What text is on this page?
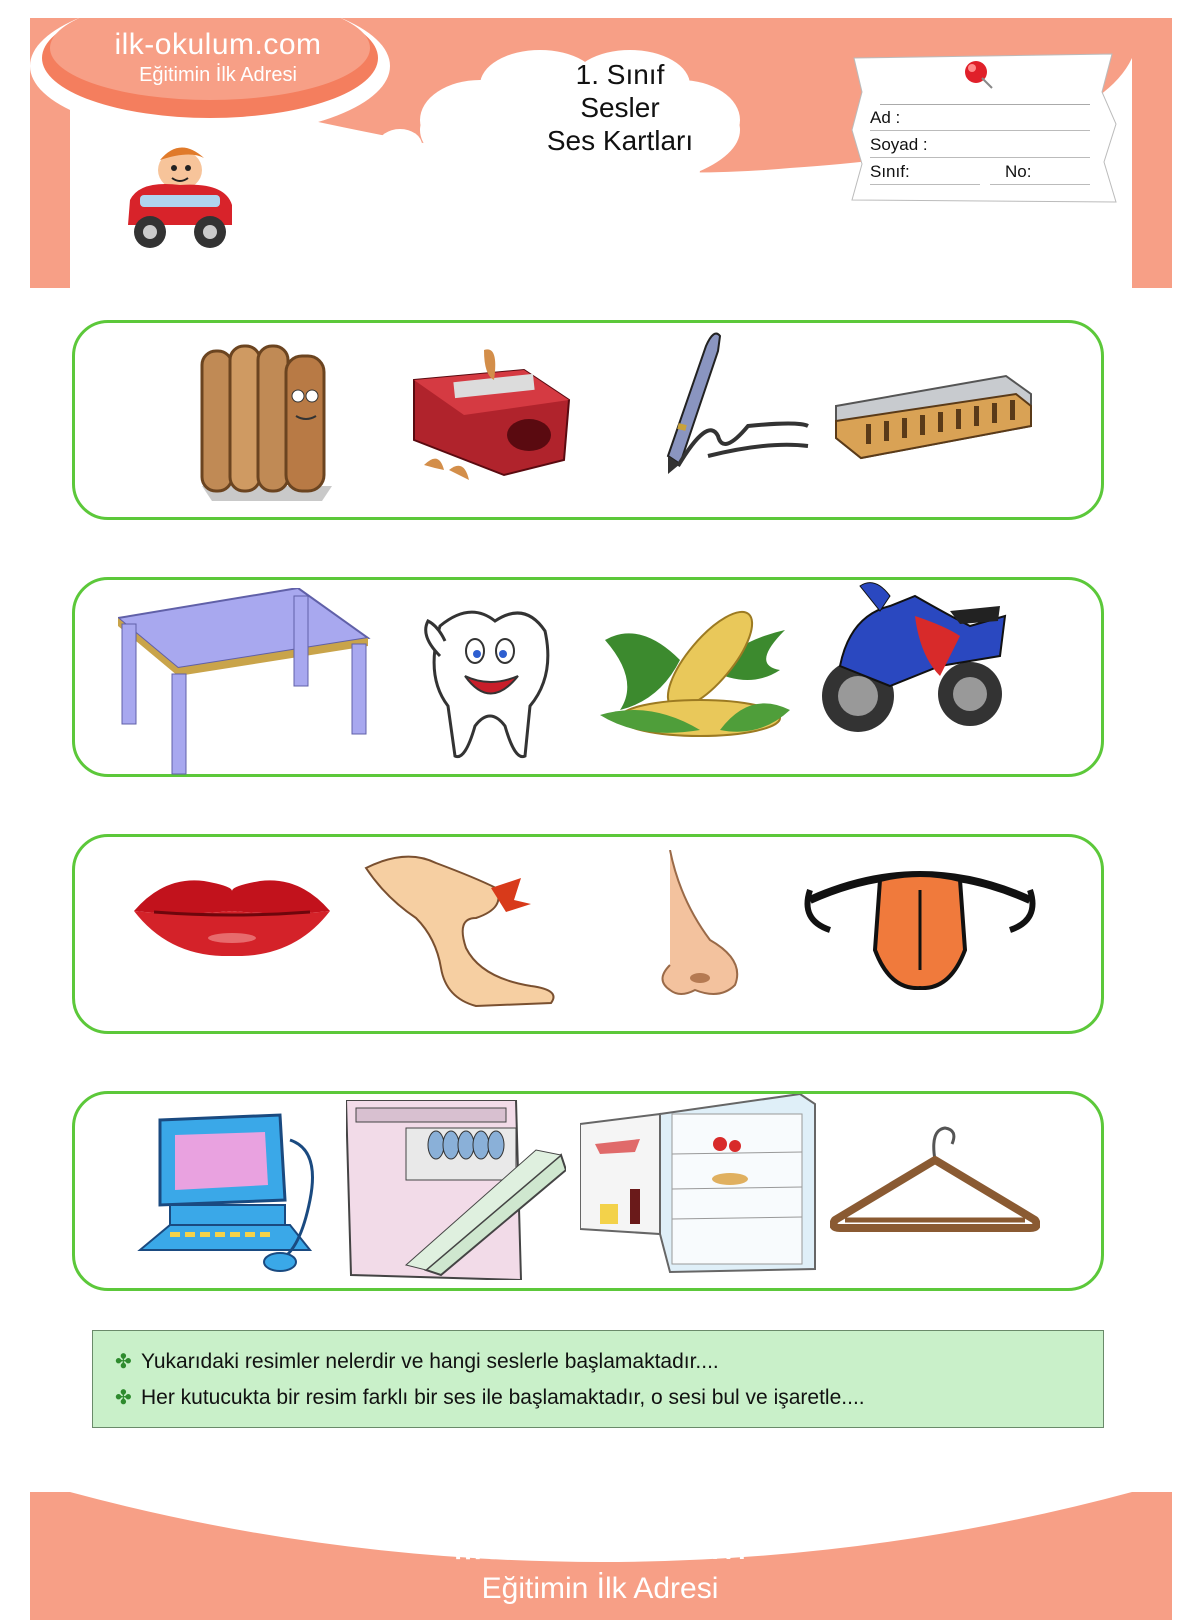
ilk-okulum.com
Eğitimin İlk Adresi	1. Sınıf
Sesler
Ses Kartları
Ad :
Soyad :
Sınıf:	No:
✤ Yukarıdaki resimler nelerdir ve hangi seslerle başlamaktadır....
✤ Her kutucukta bir resim farklı bir ses ile başlamaktadır, o sesi bul ve işaretle....
ilk-okulum.com
Eğitimin İlk Adresi
